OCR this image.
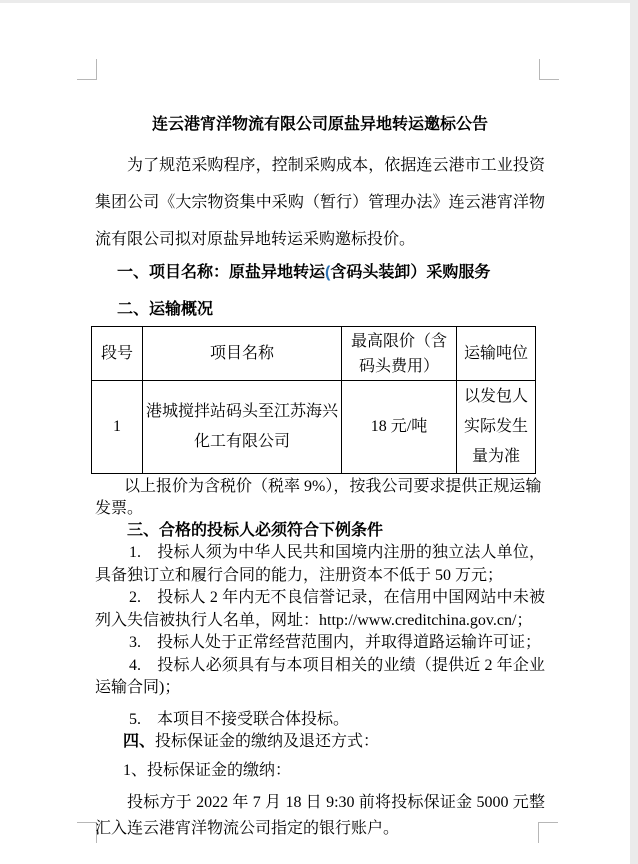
连云港宵洋物流有限公司原盐异地转运邀标公告

为了规范采购程序，控制采购成本，依据连云港市工业投资集团公司《大宗物资集中采购（暂行）管理办法》连云港宵洋物流有限公司拟对原盐异地转运采购邀标投价。

一、项目名称：原盐异地转运(含码头装卸）采购服务

二、运输概况

段号	项目名称	最高限价（含码头费用）	运输吨位
1	港城搅拌站码头至江苏海兴化工有限公司	18 元/吨	以发包人实际发生量为准

以上报价为含税价（税率 9%），按我公司要求提供正规运输发票。

三、合格的投标人必须符合下例条件

1.　投标人须为中华人民共和国境内注册的独立法人单位，具备独订立和履行合同的能力，注册资本不低于 50 万元；

2.　投标人 2 年内无不良信誉记录，在信用中国网站中未被列入失信被执行人名单，网址：http://www.creditchina.gov.cn/；

3.　投标人处于正常经营范围内，并取得道路运输许可证；

4.　投标人必须具有与本项目相关的业绩（提供近 2 年企业运输合同)；

5.　本项目不接受联合体投标。

四、投标保证金的缴纳及退还方式：

1、投标保证金的缴纳：

投标方于 2022 年 7 月 18 日 9:30 前将投标保证金 5000 元整汇入连云港宵洋物流公司指定的银行账户。
